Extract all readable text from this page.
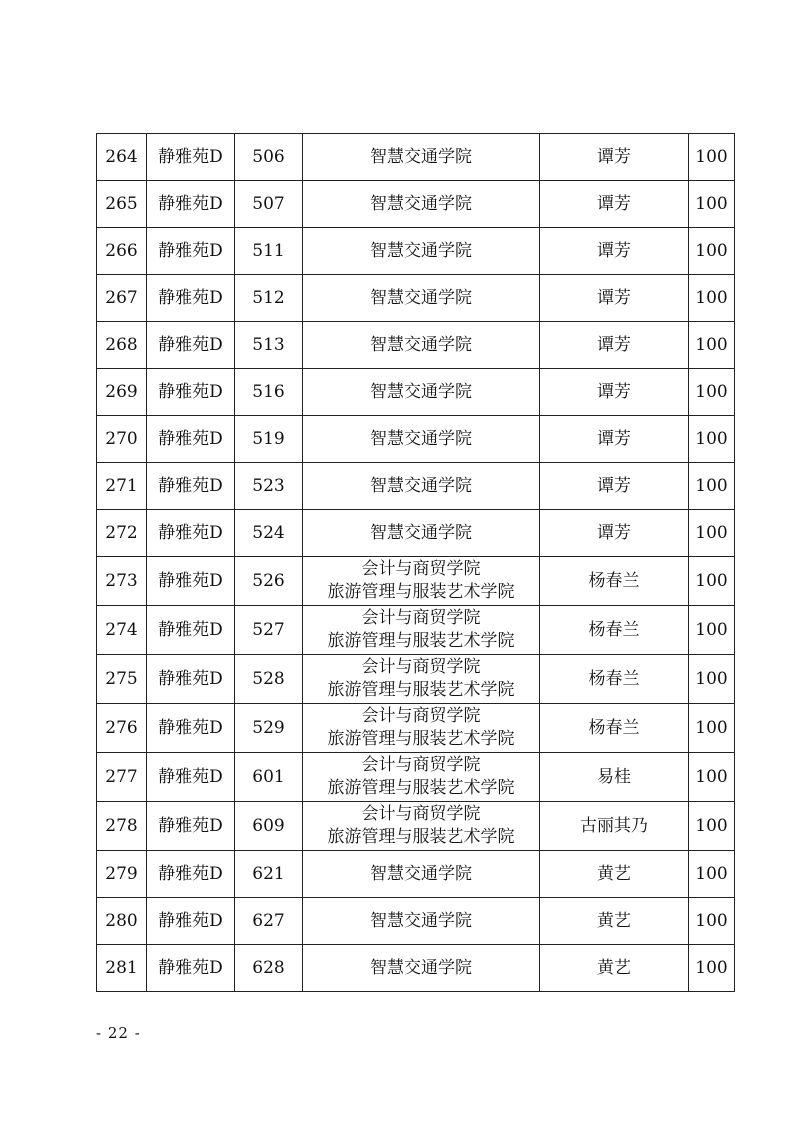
264	静雅苑D	506	智慧交通学院	谭芳	100
265	静雅苑D	507	智慧交通学院	谭芳	100
266	静雅苑D	511	智慧交通学院	谭芳	100
267	静雅苑D	512	智慧交通学院	谭芳	100
268	静雅苑D	513	智慧交通学院	谭芳	100
269	静雅苑D	516	智慧交通学院	谭芳	100
270	静雅苑D	519	智慧交通学院	谭芳	100
271	静雅苑D	523	智慧交通学院	谭芳	100
272	静雅苑D	524	智慧交通学院	谭芳	100
273	静雅苑D	526	会计与商贸学院
旅游管理与服装艺术学院	杨春兰	100
274	静雅苑D	527	会计与商贸学院
旅游管理与服装艺术学院	杨春兰	100
275	静雅苑D	528	会计与商贸学院
旅游管理与服装艺术学院	杨春兰	100
276	静雅苑D	529	会计与商贸学院
旅游管理与服装艺术学院	杨春兰	100
277	静雅苑D	601	会计与商贸学院
旅游管理与服装艺术学院	易桂	100
278	静雅苑D	609	会计与商贸学院
旅游管理与服装艺术学院	古丽其乃	100
279	静雅苑D	621	智慧交通学院	黄艺	100
280	静雅苑D	627	智慧交通学院	黄艺	100
281	静雅苑D	628	智慧交通学院	黄艺	100
- 22 -
